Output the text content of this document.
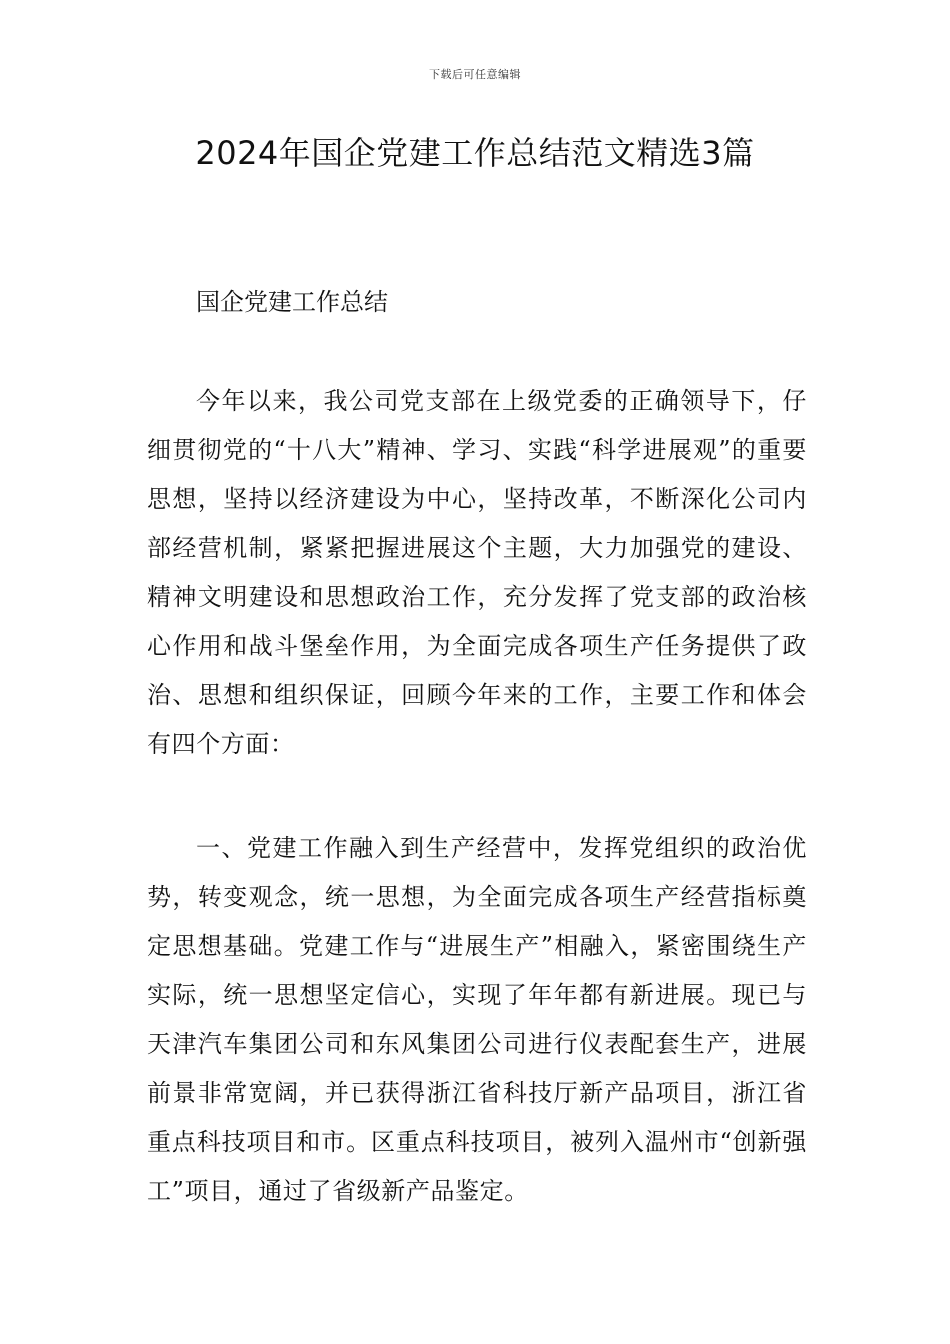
下载后可任意编辑
2024年国企党建工作总结范文精选3篇
国企党建工作总结

今年以来，我公司党支部在上级党委的正确领导下，仔细贯彻党的“十八大”精神、学习、实践“科学进展观”的重要思想，坚持以经济建设为中心，坚持改革，不断深化公司内部经营机制，紧紧把握进展这个主题，大力加强党的建设、精神文明建设和思想政治工作，充分发挥了党支部的政治核心作用和战斗堡垒作用，为全面完成各项生产任务提供了政治、思想和组织保证，回顾今年来的工作，主要工作和体会有四个方面：

一、党建工作融入到生产经营中，发挥党组织的政治优势，转变观念，统一思想，为全面完成各项生产经营指标奠定思想基础。党建工作与“进展生产”相融入，紧密围绕生产实际，统一思想坚定信心，实现了年年都有新进展。现已与天津汽车集团公司和东风集团公司进行仪表配套生产，进展前景非常宽阔，并已获得浙江省科技厅新产品项目，浙江省重点科技项目和市。区重点科技项目，被列入温州市“创新强工”项目，通过了省级新产品鉴定。
